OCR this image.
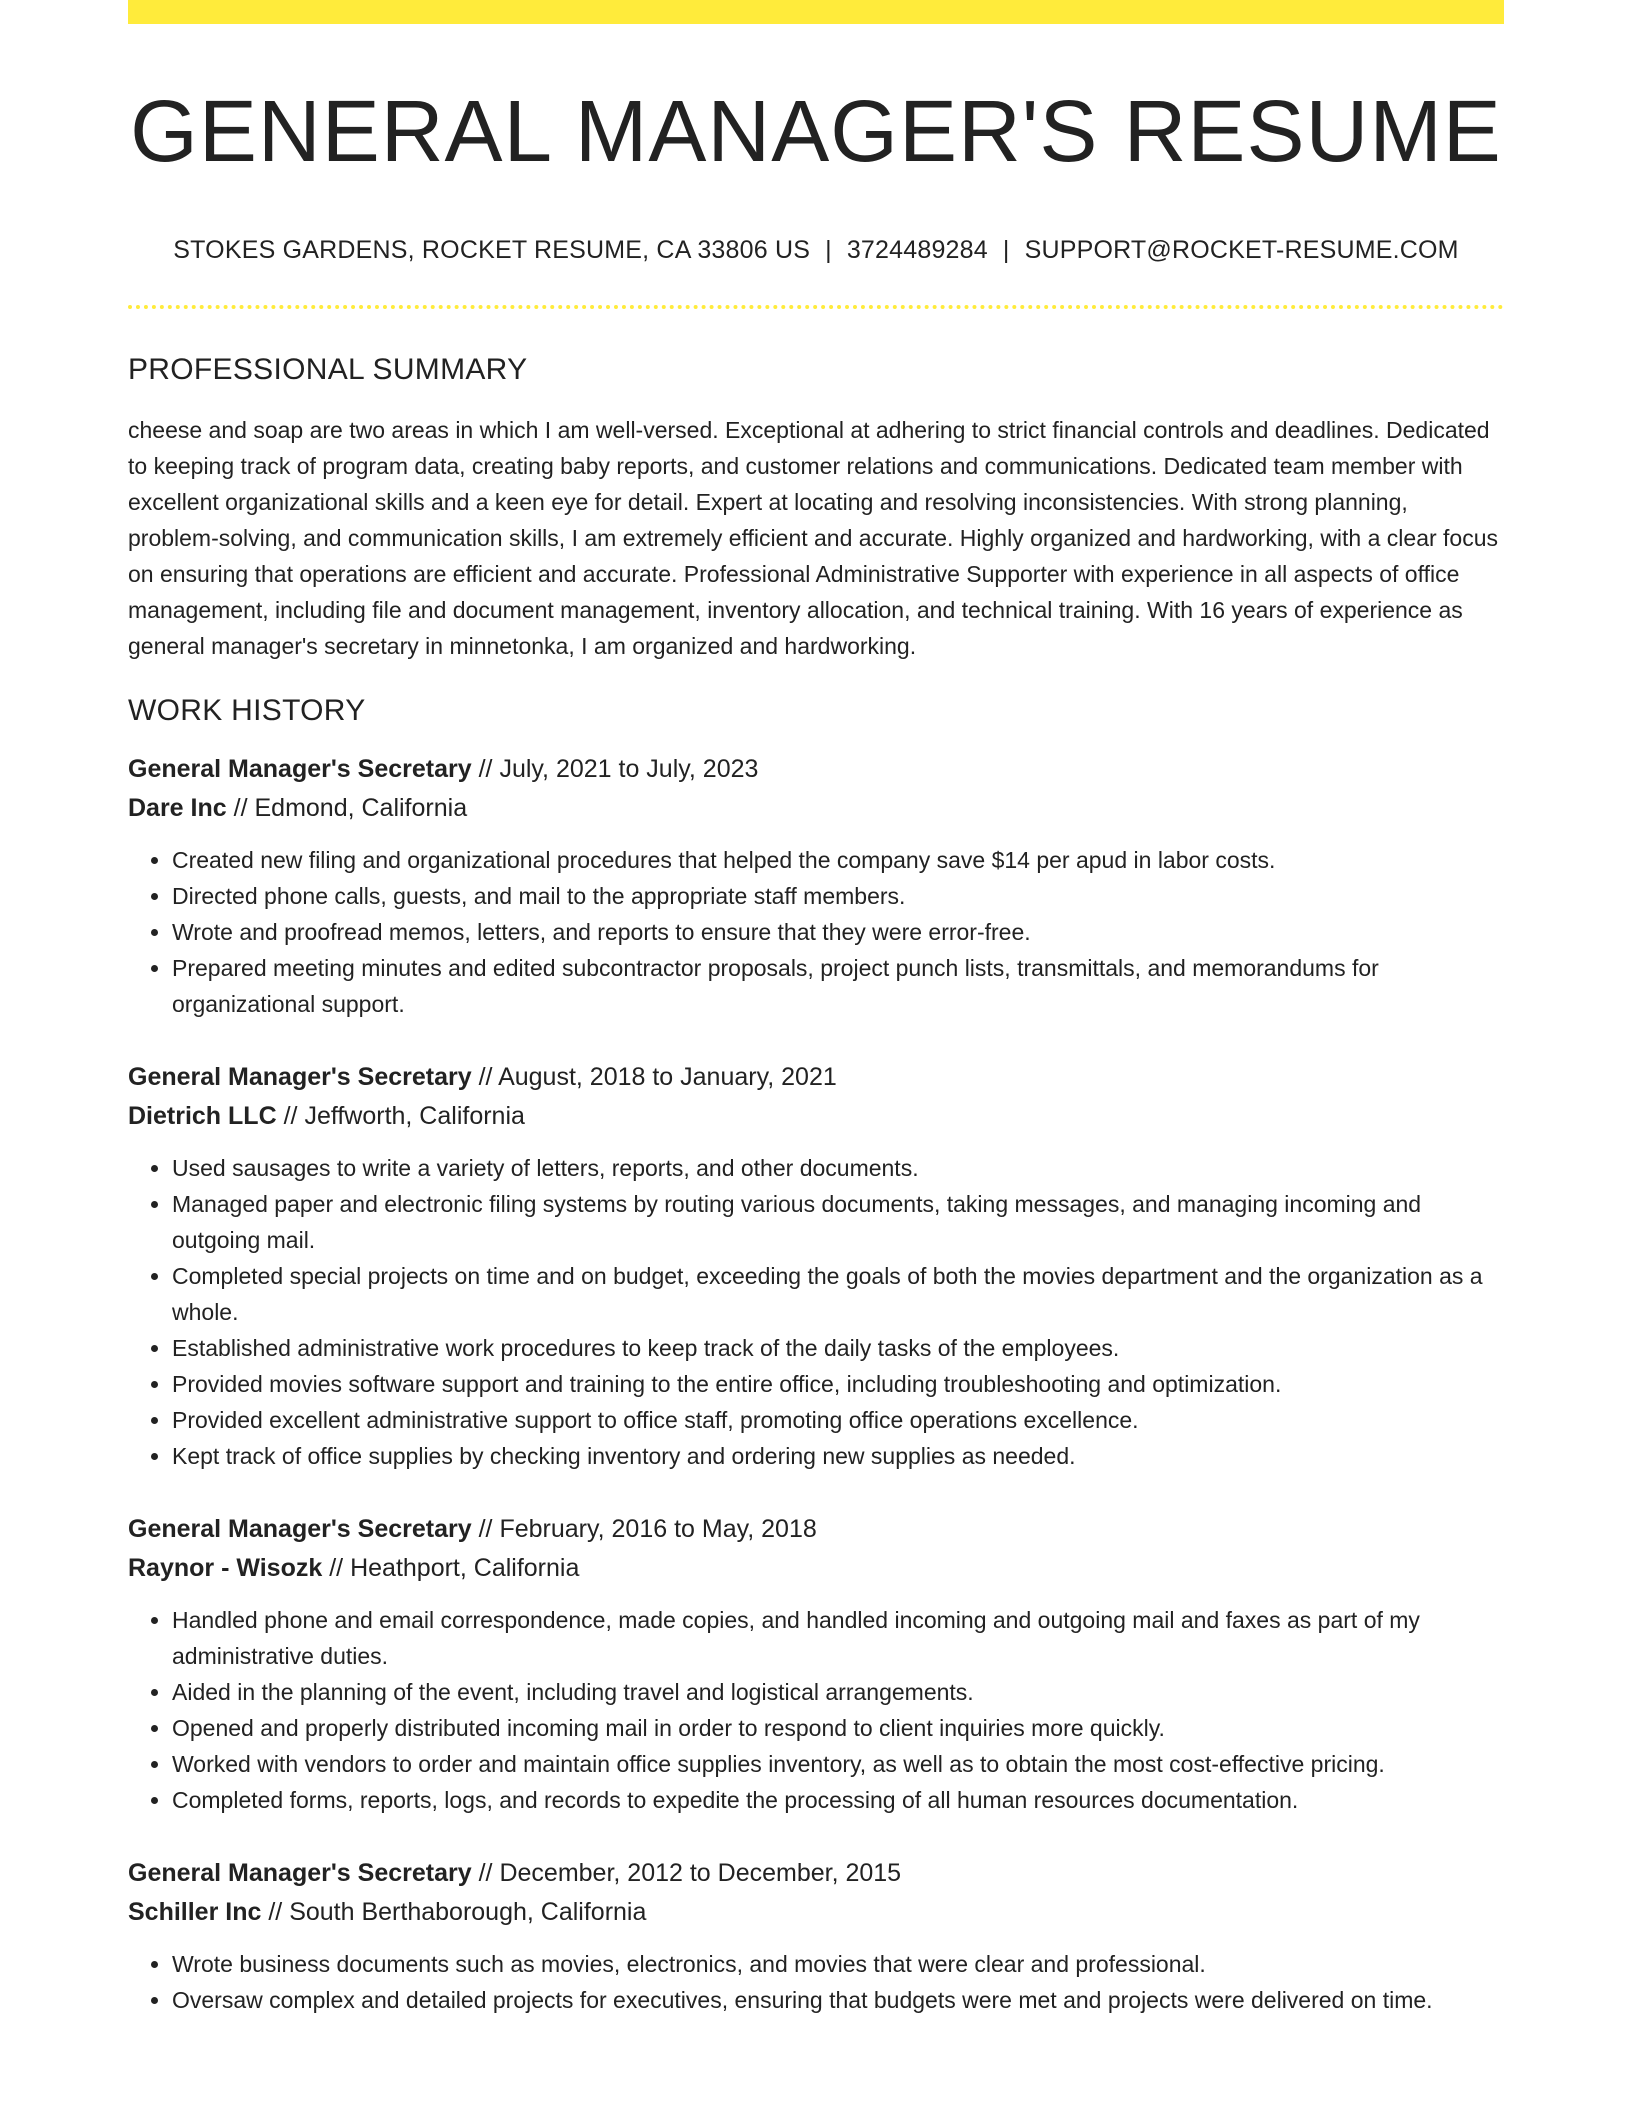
GENERAL MANAGER'S RESUME
STOKES GARDENS, ROCKET RESUME, CA 33806 US | 3724489284 | SUPPORT@ROCKET-RESUME.COM
PROFESSIONAL SUMMARY

cheese and soap are two areas in which I am well-versed. Exceptional at adhering to strict financial controls and deadlines. Dedicated to keeping track of program data, creating baby reports, and customer relations and communications. Dedicated team member with excellent organizational skills and a keen eye for detail. Expert at locating and resolving inconsistencies. With strong planning, problem-solving, and communication skills, I am extremely efficient and accurate. Highly organized and hardworking, with a clear focus on ensuring that operations are efficient and accurate. Professional Administrative Supporter with experience in all aspects of office management, including file and document management, inventory allocation, and technical training. With 16 years of experience as general manager's secretary in minnetonka, I am organized and hardworking.

WORK HISTORY
General Manager's Secretary // July, 2021 to July, 2023
Dare Inc // Edmond, California
• Created new filing and organizational procedures that helped the company save $14 per apud in labor costs.
• Directed phone calls, guests, and mail to the appropriate staff members.
• Wrote and proofread memos, letters, and reports to ensure that they were error-free.
• Prepared meeting minutes and edited subcontractor proposals, project punch lists, transmittals, and memorandums for organizational support.
General Manager's Secretary // August, 2018 to January, 2021
Dietrich LLC // Jeffworth, California
• Used sausages to write a variety of letters, reports, and other documents.
• Managed paper and electronic filing systems by routing various documents, taking messages, and managing incoming and outgoing mail.
• Completed special projects on time and on budget, exceeding the goals of both the movies department and the organization as a whole.
• Established administrative work procedures to keep track of the daily tasks of the employees.
• Provided movies software support and training to the entire office, including troubleshooting and optimization.
• Provided excellent administrative support to office staff, promoting office operations excellence.
• Kept track of office supplies by checking inventory and ordering new supplies as needed.
General Manager's Secretary // February, 2016 to May, 2018
Raynor - Wisozk // Heathport, California
• Handled phone and email correspondence, made copies, and handled incoming and outgoing mail and faxes as part of my administrative duties.
• Aided in the planning of the event, including travel and logistical arrangements.
• Opened and properly distributed incoming mail in order to respond to client inquiries more quickly.
• Worked with vendors to order and maintain office supplies inventory, as well as to obtain the most cost-effective pricing.
• Completed forms, reports, logs, and records to expedite the processing of all human resources documentation.
General Manager's Secretary // December, 2012 to December, 2015
Schiller Inc // South Berthaborough, California
• Wrote business documents such as movies, electronics, and movies that were clear and professional.
• Oversaw complex and detailed projects for executives, ensuring that budgets were met and projects were delivered on time.
